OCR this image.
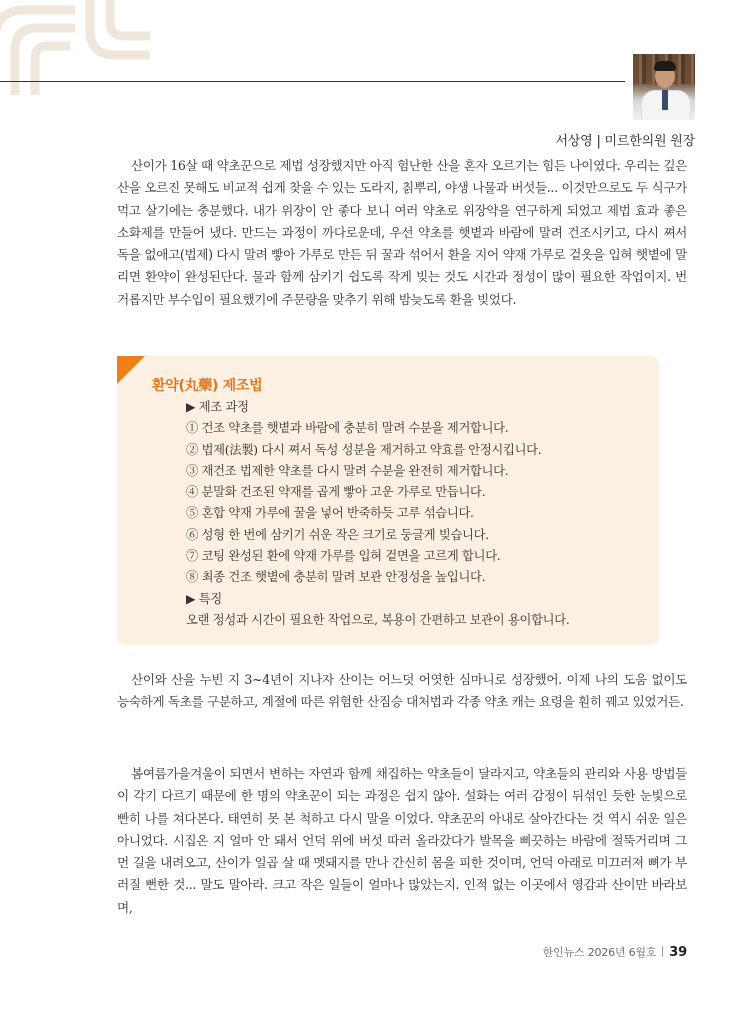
서상영 | 미르한의원 원장

산이가 16살 때 약초꾼으로 제법 성장했지만 아직 험난한 산을 혼자 오르기는 힘든 나이였다. 우리는 깊은 산을 오르진 못해도 비교적 쉽게 찾을 수 있는 도라지, 칡뿌리, 야생 나물과 버섯들... 이것만으로도 두 식구가 먹고 살기에는 충분했다. 내가 위장이 안 좋다 보니 여러 약초로 위장약을 연구하게 되었고 제법 효과 좋은 소화제를 만들어 냈다. 만드는 과정이 까다로운데, 우선 약초를 햇볕과 바람에 말려 건조시키고, 다시 쪄서 독을 없애고(법제) 다시 말려 빻아 가루로 만든 뒤 꿀과 섞어서 환을 지어 약재 가루로 겉옷을 입혀 햇볕에 말리면 환약이 완성된단다. 물과 함께 삼키기 쉽도록 작게 빚는 것도 시간과 정성이 많이 필요한 작업이지. 번거롭지만 부수입이 필요했기에 주문량을 맞추기 위해 밤늦도록 환을 빚었다.

환약(丸藥) 제조법
▶ 제조 과정
① 건조 약초를 햇볕과 바람에 충분히 말려 수분을 제거합니다.
② 법제(法製) 다시 쪄서 독성 성분을 제거하고 약효를 안정시킵니다.
③ 재건조 법제한 약초를 다시 말려 수분을 완전히 제거합니다.
④ 분말화 건조된 약재를 곱게 빻아 고운 가루로 만듭니다.
⑤ 혼합 약재 가루에 꿀을 넣어 반죽하듯 고루 섞습니다.
⑥ 성형 한 번에 삼키기 쉬운 작은 크기로 둥글게 빚습니다.
⑦ 코팅 완성된 환에 약재 가루를 입혀 겉면을 고르게 합니다.
⑧ 최종 건조 햇볕에 충분히 말려 보관 안정성을 높입니다.
▶ 특징
오랜 정성과 시간이 필요한 작업으로, 복용이 간편하고 보관이 용이합니다.

산이와 산을 누빈 지 3~4년이 지나자 산이는 어느덧 어엿한 심마니로 성장했어. 이제 나의 도움 없이도 능숙하게 독초를 구분하고, 계절에 따른 위험한 산짐승 대처법과 각종 약초 캐는 요령을 훤히 꿰고 있었거든.

봄여름가을겨울이 되면서 변하는 자연과 함께 채집하는 약초들이 달라지고, 약초들의 관리와 사용 방법들이 각기 다르기 때문에 한 명의 약초꾼이 되는 과정은 쉽지 않아. 설화는 여러 감정이 뒤섞인 듯한 눈빛으로 빤히 나를 쳐다본다. 태연히 못 본 척하고 다시 말을 이었다. 약초꾼의 아내로 살아간다는 것 역시 쉬운 일은 아니었다. 시집온 지 얼마 안 돼서 언덕 위에 버섯 따러 올라갔다가 발목을 삐끗하는 바람에 절뚝거리며 그 먼 길을 내려오고, 산이가 일곱 살 때 멧돼지를 만나 간신히 몸을 피한 것이며, 언덕 아래로 미끄러져 뼈가 부러질 뻔한 것... 말도 말아라. 크고 작은 일들이 얼마나 많았는지. 인적 없는 이곳에서 영감과 산이만 바라보며,

한인뉴스 2026년 6월호 39
